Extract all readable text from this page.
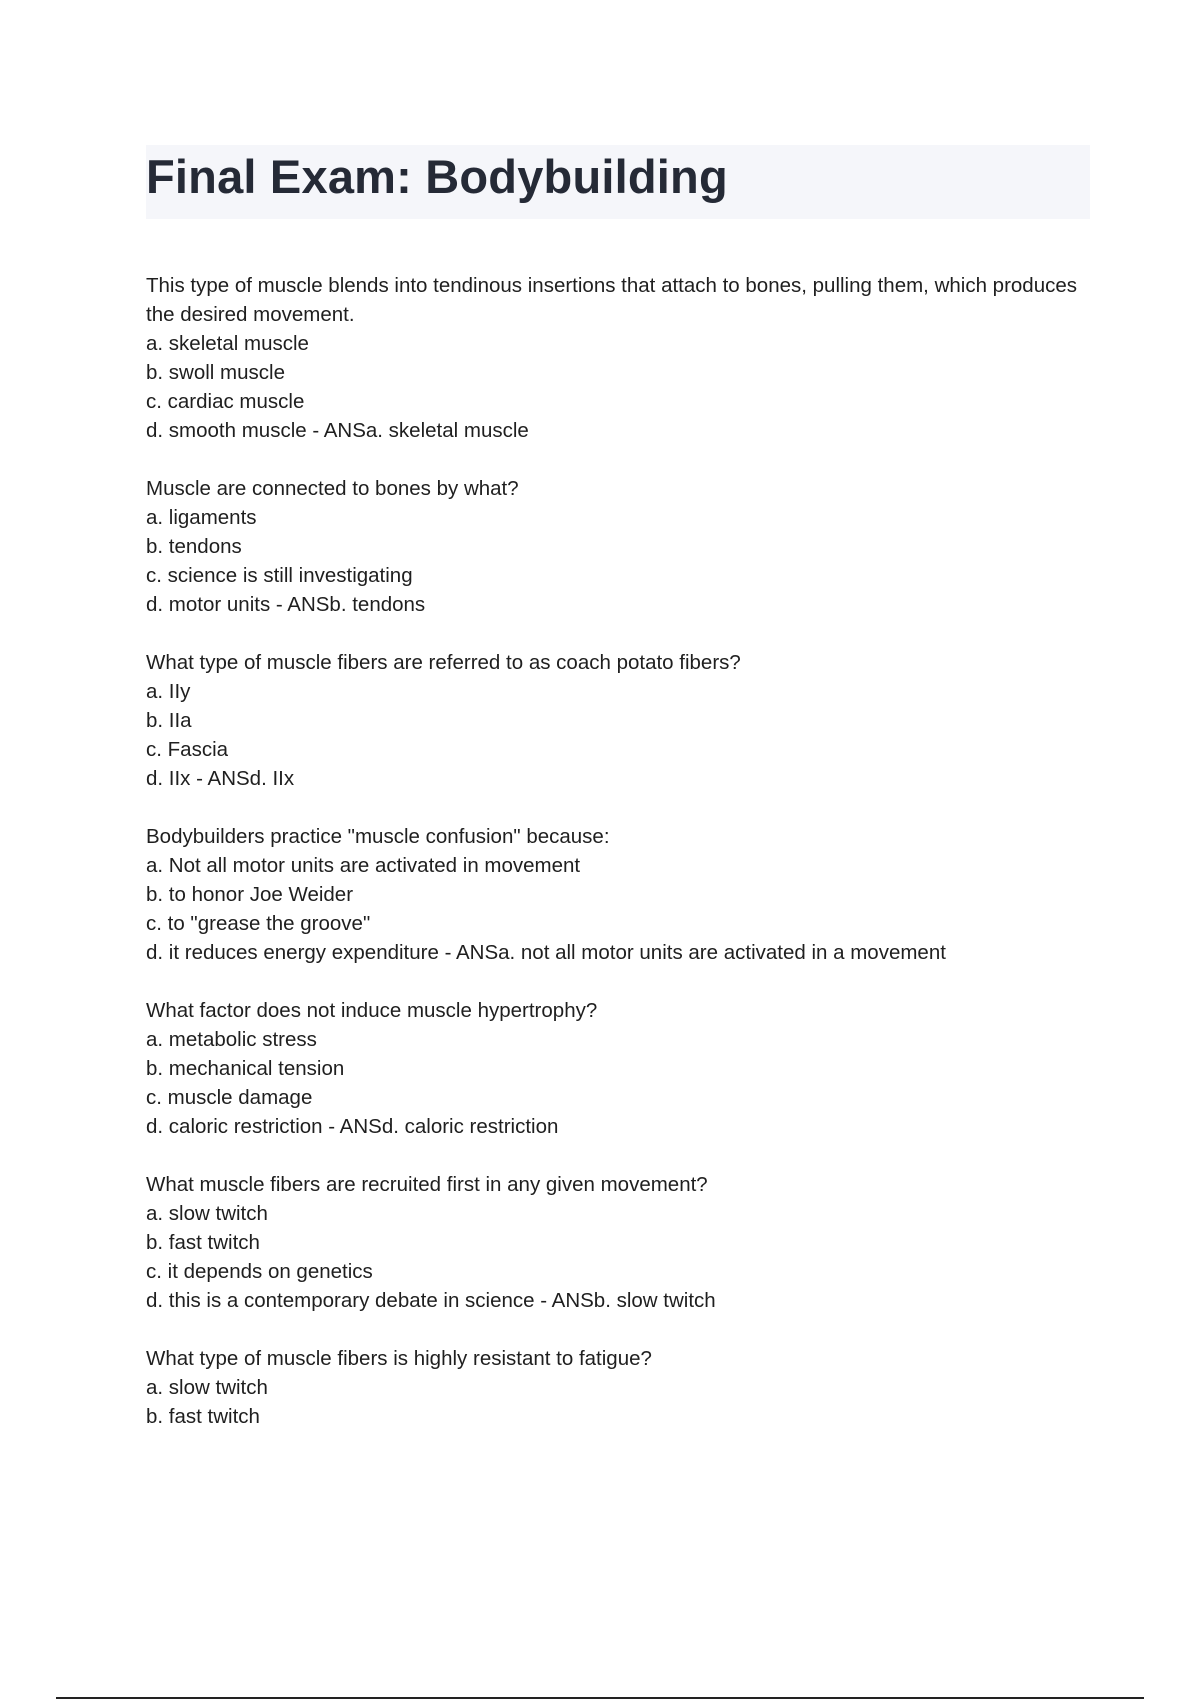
Final Exam: Bodybuilding
This type of muscle blends into tendinous insertions that attach to bones, pulling them, which produces the desired movement.
a. skeletal muscle
b. swoll muscle
c. cardiac muscle
d. smooth muscle - ANSa. skeletal muscle
Muscle are connected to bones by what?
a. ligaments
b. tendons
c. science is still investigating
d. motor units - ANSb. tendons
What type of muscle fibers are referred to as coach potato fibers?
a. IIy
b. IIa
c. Fascia
d. IIx - ANSd. IIx
Bodybuilders practice "muscle confusion" because:
a. Not all motor units are activated in movement
b. to honor Joe Weider
c. to "grease the groove"
d. it reduces energy expenditure - ANSa. not all motor units are activated in a movement
What factor does not induce muscle hypertrophy?
a. metabolic stress
b. mechanical tension
c. muscle damage
d. caloric restriction - ANSd. caloric restriction
What muscle fibers are recruited first in any given movement?
a. slow twitch
b. fast twitch
c. it depends on genetics
d. this is a contemporary debate in science - ANSb. slow twitch
What type of muscle fibers is highly resistant to fatigue?
a. slow twitch
b. fast twitch
